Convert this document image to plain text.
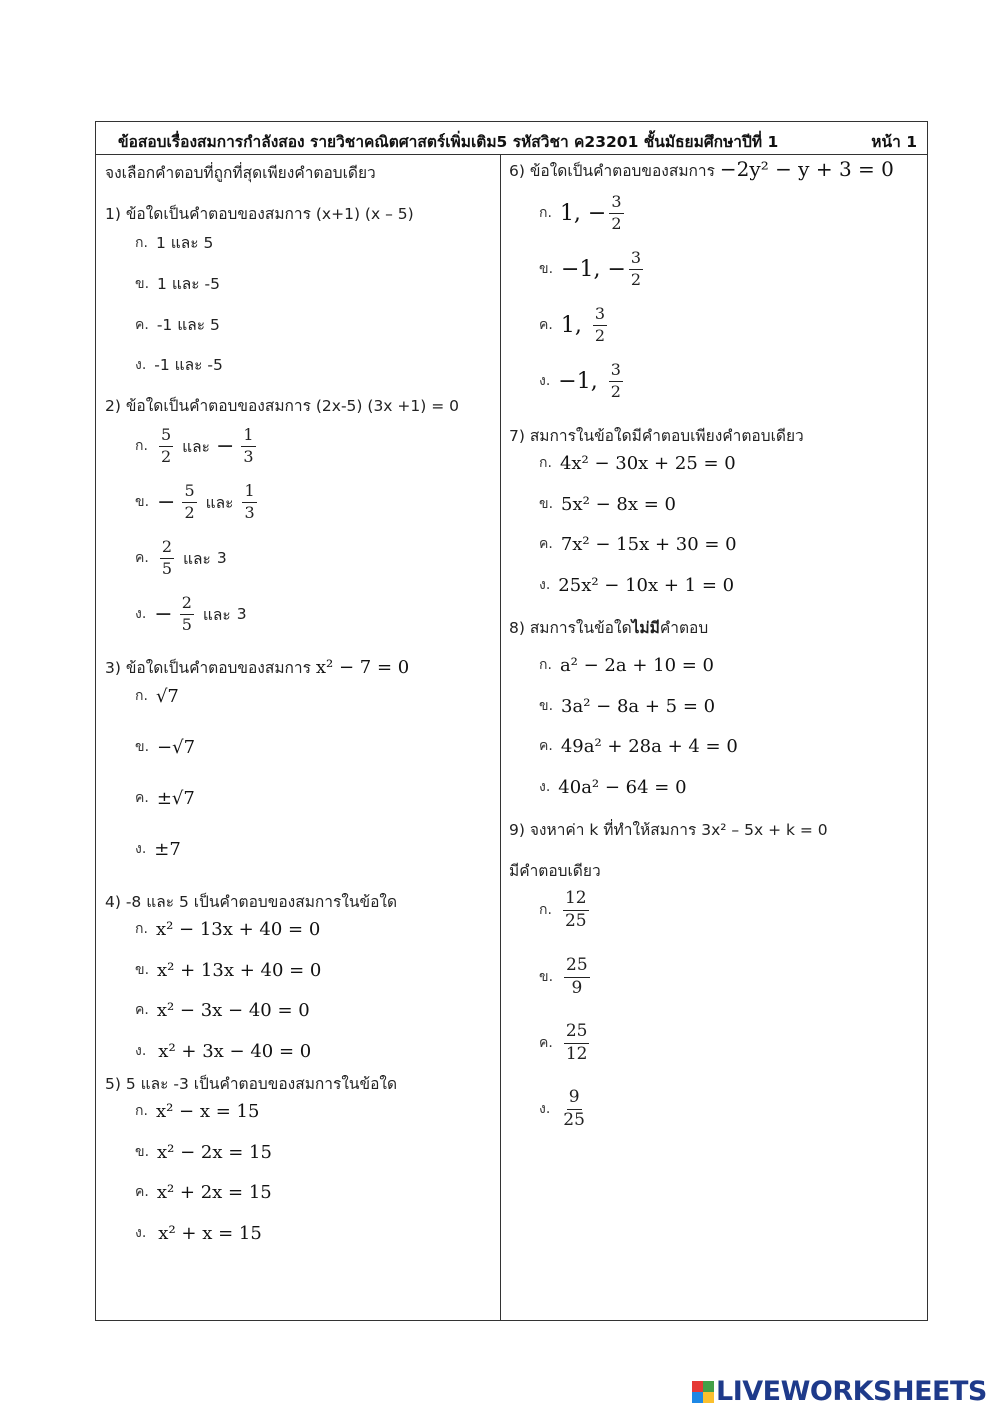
ข้อสอบเรื่องสมการกำลังสอง รายวิชาคณิตศาสตร์เพิ่มเติม5 รหัสวิชา ค23201 ชั้นมัธยมศึกษาปีที่ 1	หน้า 1
จงเลือกคำตอบที่ถูกที่สุดเพียงคำตอบเดียว
1) ข้อใดเป็นคำตอบของสมการ (x+1) (x – 5)
ก. 1 และ 5
ข. 1 และ -5
ค. -1 และ 5
ง. -1 และ -5
2) ข้อใดเป็นคำตอบของสมการ (2x-5) (3x +1) = 0
ก. $\frac{5}{2}$ และ − $\frac{1}{3}$
ข. − $\frac{5}{2}$ และ $\frac{1}{3}$
ค. $\frac{2}{5}$ และ 3
ง. − $\frac{2}{5}$ และ 3
3) ข้อใดเป็นคำตอบของสมการ x² − 7 = 0
ก. √7
ข. −√7
ค. ±√7
ง. ±7
4) -8 และ 5 เป็นคำตอบของสมการในข้อใด
ก. x² − 13x + 40 = 0
ข. x² + 13x + 40 = 0
ค. x² − 3x − 40 = 0
ง. x² + 3x − 40 = 0
5) 5 และ -3 เป็นคำตอบของสมการในข้อใด
ก. x² − x = 15
ข. x² − 2x = 15
ค. x² + 2x = 15
ง. x² + x = 15
6) ข้อใดเป็นคำตอบของสมการ −2y² − y + 3 = 0
ก. 1, − $\frac{3}{2}$
ข. −1, − $\frac{3}{2}$
ค. 1, $\frac{3}{2}$
ง. −1, $\frac{3}{2}$
7) สมการในข้อใดมีคำตอบเพียงคำตอบเดียว
ก. 4x² − 30x + 25 = 0
ข. 5x² − 8x = 0
ค. 7x² − 15x + 30 = 0
ง. 25x² − 10x + 1 = 0
8) สมการในข้อใดไม่มีคำตอบ
ก. a² − 2a + 10 = 0
ข. 3a² − 8a + 5 = 0
ค. 49a² + 28a + 4 = 0
ง. 40a² − 64 = 0
9) จงหาค่า k ที่ทำให้สมการ 3x² – 5x + k = 0
มีคำตอบเดียว
ก. $\frac{12}{25}$
ข. $\frac{25}{9}$
ค. $\frac{25}{12}$
ง. $\frac{9}{25}$
LIVEWORKSHEETS
